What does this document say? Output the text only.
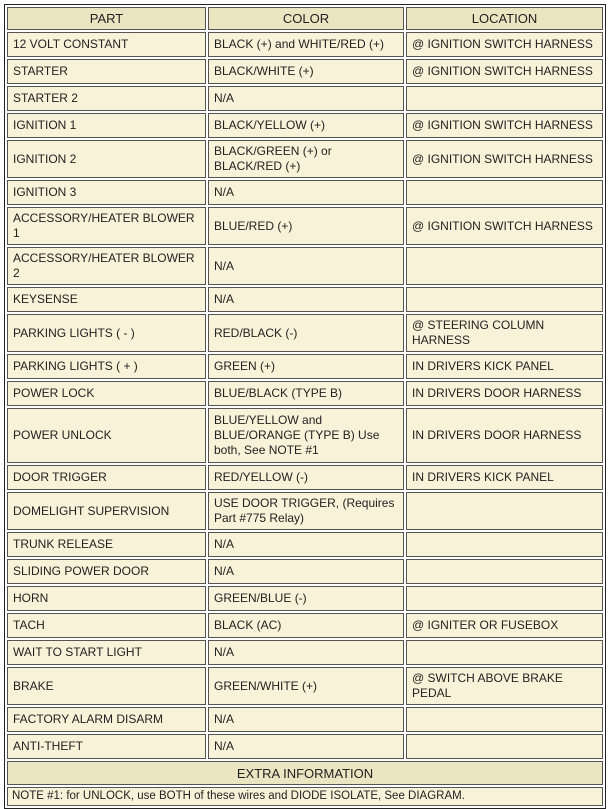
PART	COLOR	LOCATION
12 VOLT CONSTANT	BLACK (+) and WHITE/RED (+)	@ IGNITION SWITCH HARNESS
STARTER	BLACK/WHITE (+)	@ IGNITION SWITCH HARNESS
STARTER 2	N/A	
IGNITION 1	BLACK/YELLOW (+)	@ IGNITION SWITCH HARNESS
IGNITION 2	BLACK/GREEN (+) or BLACK/RED (+)	@ IGNITION SWITCH HARNESS
IGNITION 3	N/A	
ACCESSORY/HEATER BLOWER 1	BLUE/RED (+)	@ IGNITION SWITCH HARNESS
ACCESSORY/HEATER BLOWER 2	N/A	
KEYSENSE	N/A	
PARKING LIGHTS ( - )	RED/BLACK (-)	@ STEERING COLUMN HARNESS
PARKING LIGHTS ( + )	GREEN (+)	IN DRIVERS KICK PANEL
POWER LOCK	BLUE/BLACK (TYPE B)	IN DRIVERS DOOR HARNESS
POWER UNLOCK	BLUE/YELLOW and BLUE/ORANGE (TYPE B) Use both, See NOTE #1	IN DRIVERS DOOR HARNESS
DOOR TRIGGER	RED/YELLOW (-)	IN DRIVERS KICK PANEL
DOMELIGHT SUPERVISION	USE DOOR TRIGGER, (Requires Part #775 Relay)	
TRUNK RELEASE	N/A	
SLIDING POWER DOOR	N/A	
HORN	GREEN/BLUE (-)	
TACH	BLACK (AC)	@ IGNITER OR FUSEBOX
WAIT TO START LIGHT	N/A	
BRAKE	GREEN/WHITE (+)	@ SWITCH ABOVE BRAKE PEDAL
FACTORY ALARM DISARM	N/A	
ANTI-THEFT	N/A	
EXTRA INFORMATION		
NOTE #1: for UNLOCK, use BOTH of these wires and DIODE ISOLATE, See DIAGRAM.		
